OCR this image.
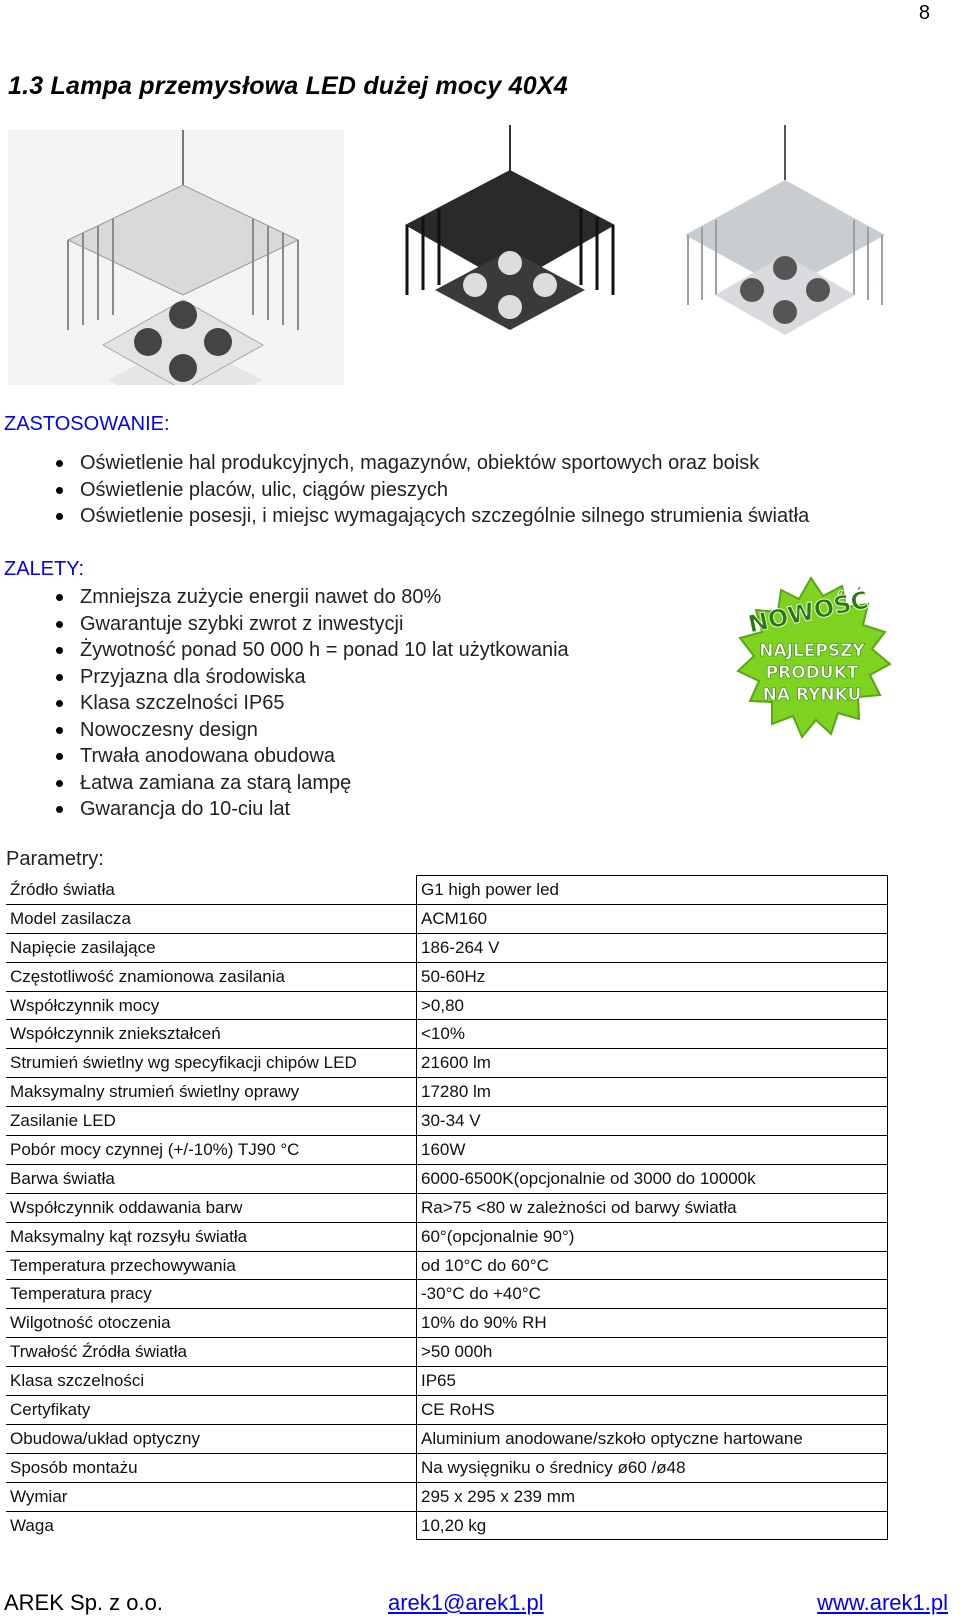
8
1.3 Lampa przemysłowa LED dużej mocy 40X4
ZASTOSOWANIE:
Oświetlenie hal produkcyjnych, magazynów, obiektów sportowych oraz boisk
Oświetlenie placów, ulic, ciągów pieszych
Oświetlenie posesji, i miejsc wymagających szczególnie silnego strumienia światła
ZALETY:
Zmniejsza zużycie energii nawet do 80%
Gwarantuje szybki zwrot z inwestycji
Żywotność ponad 50 000 h = ponad 10 lat użytkowania
Przyjazna dla środowiska
Klasa szczelności IP65
Nowoczesny design
Trwała anodowana obudowa
Łatwa zamiana za starą lampę
Gwarancja do 10-ciu lat
NOWOŚĆ
NAJLEPSZY
PRODUKT
NA RYNKU
Parametry:
Źródło światła	G1 high power led
Model zasilacza	ACM160
Napięcie zasilające	186-264 V
Częstotliwość znamionowa zasilania	50-60Hz
Współczynnik mocy	>0,80
Współczynnik zniekształceń	<10%
Strumień świetlny wg specyfikacji chipów LED	21600 lm
Maksymalny strumień świetlny oprawy	17280 lm
Zasilanie LED	30-34 V
Pobór mocy czynnej (+/-10%) TJ90 °C	160W
Barwa światła	6000-6500K(opcjonalnie od 3000 do 10000k
Współczynnik oddawania barw	Ra>75 <80 w zależności od barwy światła
Maksymalny kąt rozsyłu światła	60°(opcjonalnie 90°)
Temperatura przechowywania	od 10°C do 60°C
Temperatura pracy	-30°C do +40°C
Wilgotność otoczenia	10% do 90% RH
Trwałość Źródła światła	>50 000h
Klasa szczelności	IP65
Certyfikaty	CE RoHS
Obudowa/układ optyczny	Aluminium anodowane/szkoło optyczne hartowane
Sposób montażu	Na wysięgniku o średnicy ø60 /ø48
Wymiar	295 x 295 x 239 mm
Waga	10,20 kg
AREK Sp. z o.o.	arek1@arek1.pl	www.arek1.pl
